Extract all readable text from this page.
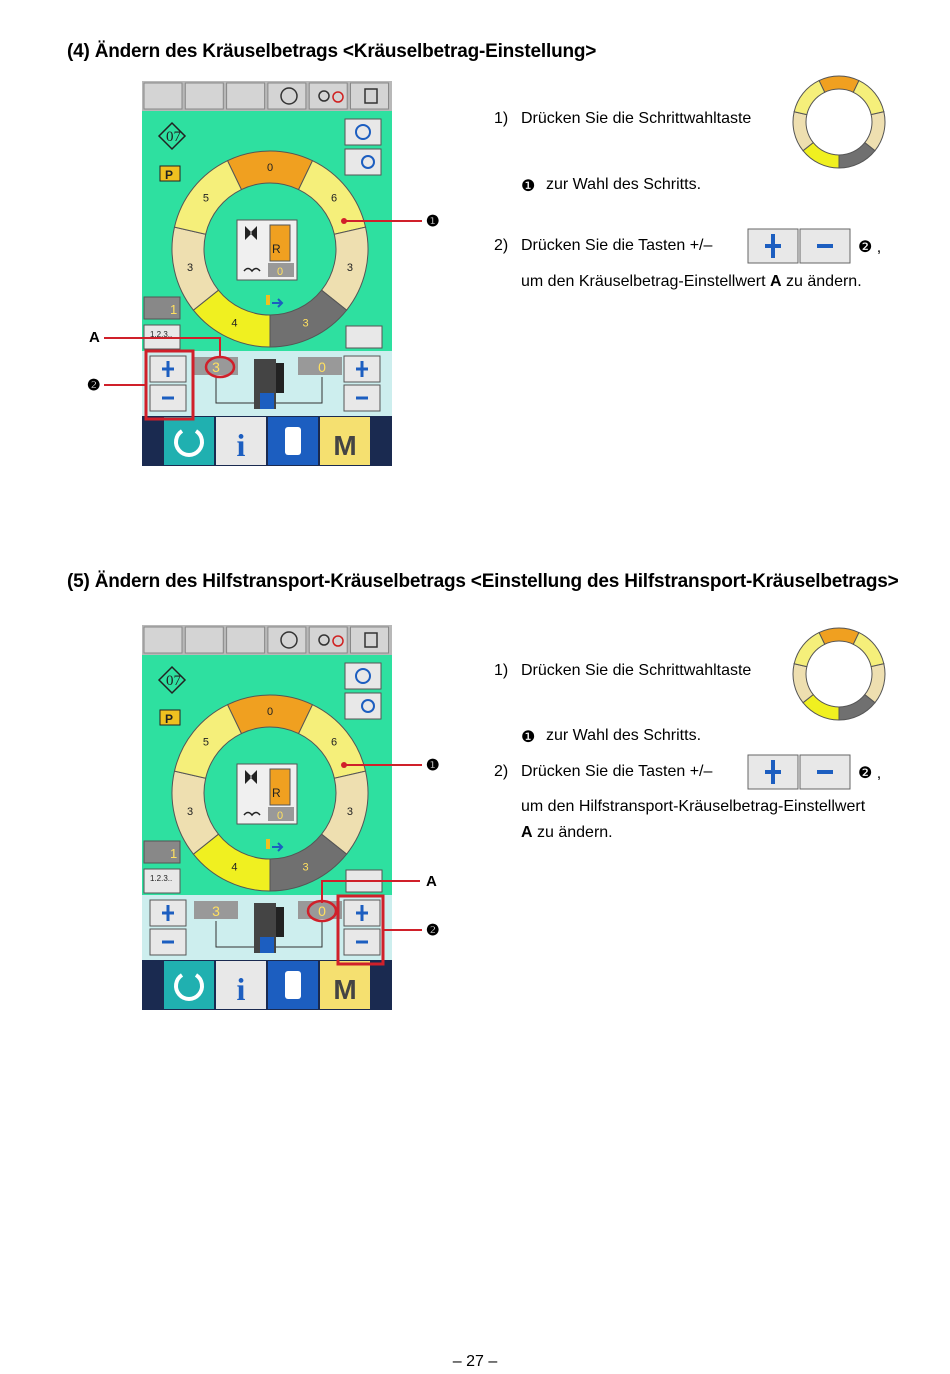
(4) Ändern des Kräuselbetrags <Kräuselbetrag-Einstellung>
07
P
0
6
3
3
4
3
5
R
0
1
1.2.3..
3	0
i	M
❶
A
❷
1) Drücken Sie die Schrittwahltaste
❶ zur Wahl des Schritts.
2) Drücken Sie die Tasten +/–	❷ ,
um den Kräuselbetrag-Einstellwert A zu ändern.
(5) Ändern des Hilfstransport-Kräuselbetrags <Einstellung des Hilfstransport-Kräuselbetrags>
07
P
0
6
3
3
4
3
5
R
0
1
1.2.3..
3	0
i	M
❶
A
❷
1) Drücken Sie die Schrittwahltaste
❶ zur Wahl des Schritts.
2) Drücken Sie die Tasten +/–	❷ ,
um den Hilfstransport-Kräuselbetrag-Einstellwert
A zu ändern.
– 27 –
